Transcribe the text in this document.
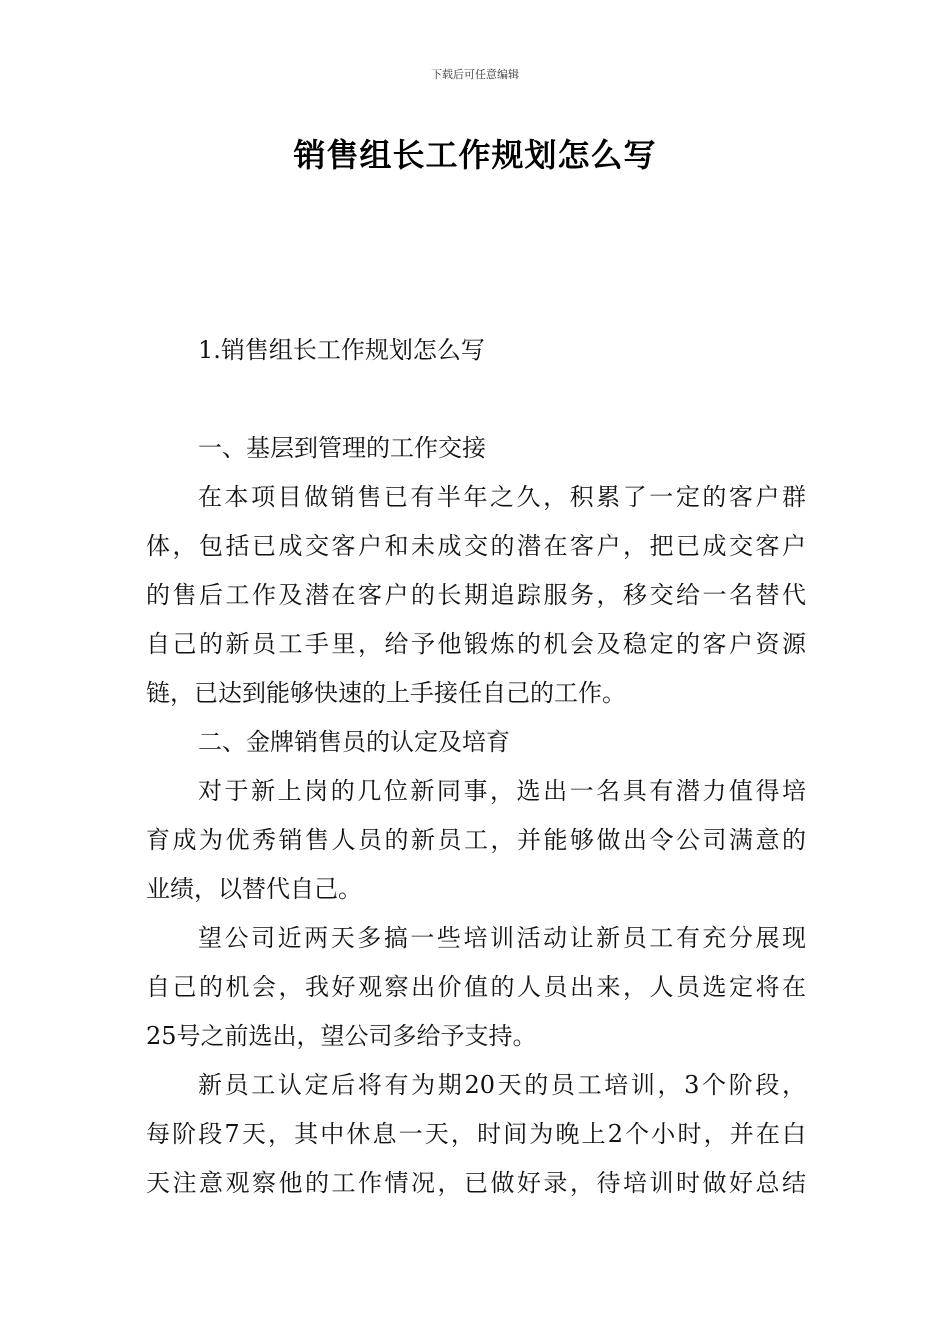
下载后可任意编辑
销售组长工作规划怎么写
1.销售组长工作规划怎么写
一、基层到管理的工作交接
在本项目做销售已有半年之久，积累了一定的客户群
体，包括已成交客户和未成交的潜在客户，把已成交客户
的售后工作及潜在客户的长期追踪服务，移交给一名替代
自己的新员工手里，给予他锻炼的机会及稳定的客户资源
链，已达到能够快速的上手接任自己的工作。
二、金牌销售员的认定及培育
对于新上岗的几位新同事，选出一名具有潜力值得培
育成为优秀销售人员的新员工，并能够做出令公司满意的
业绩，以替代自己。
望公司近两天多搞一些培训活动让新员工有充分展现
自己的机会，我好观察出价值的人员出来，人员选定将在
25号之前选出，望公司多给予支持。
新员工认定后将有为期20天的员工培训，3个阶段，
每阶段7天，其中休息一天，时间为晚上2个小时，并在白
天注意观察他的工作情况，已做好录，待培训时做好总结
